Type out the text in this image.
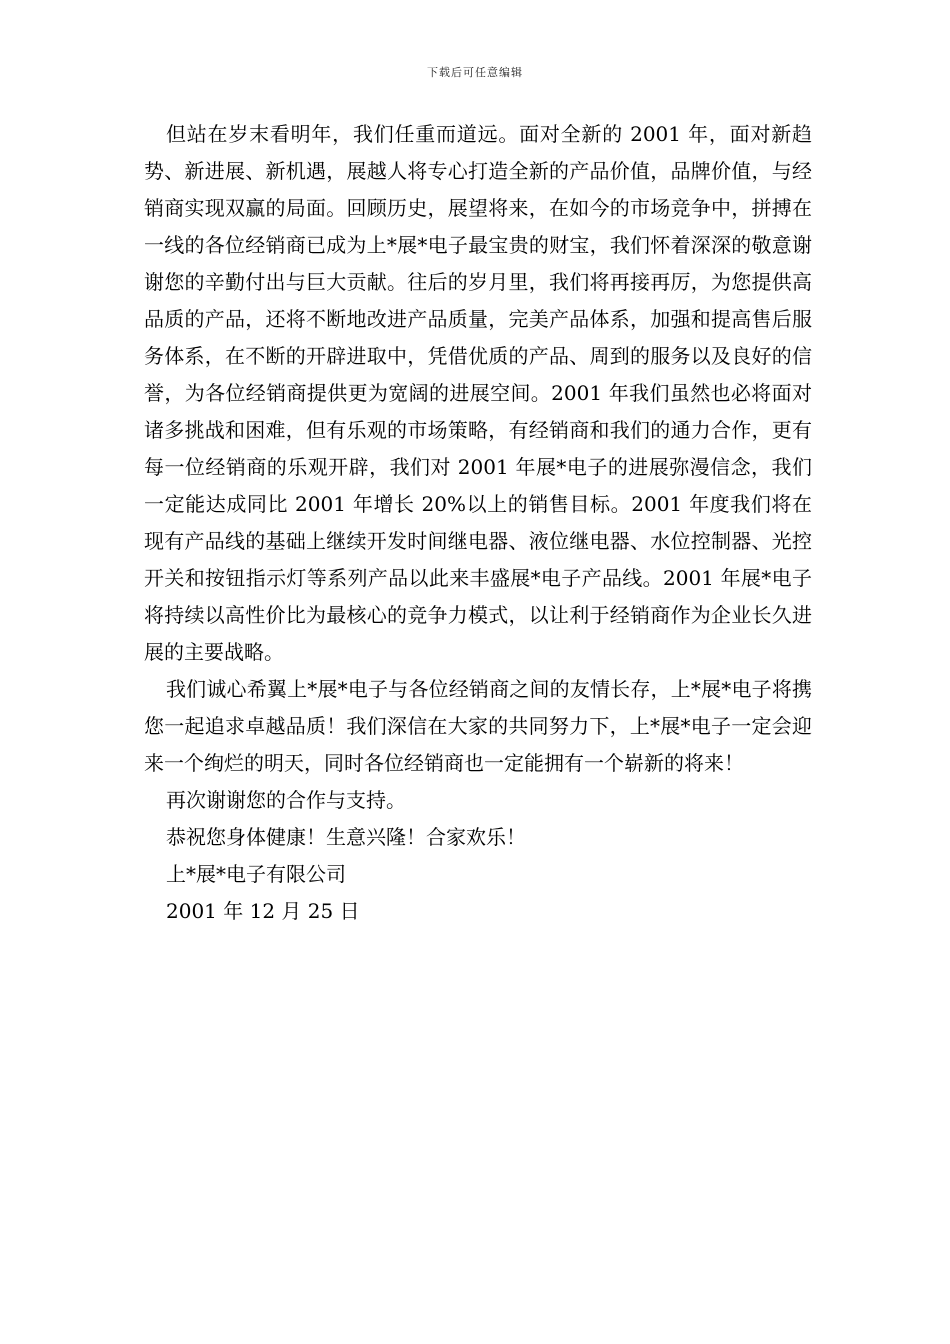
下载后可任意编辑

但站在岁末看明年，我们任重而道远。面对全新的 2001 年，面对新趋势、新进展、新机遇，展越人将专心打造全新的产品价值，品牌价值，与经销商实现双赢的局面。回顾历史，展望将来，在如今的市场竞争中，拼搏在一线的各位经销商已成为上*展*电子最宝贵的财宝，我们怀着深深的敬意谢谢您的辛勤付出与巨大贡献。往后的岁月里，我们将再接再厉，为您提供高品质的产品，还将不断地改进产品质量，完美产品体系，加强和提高售后服务体系，在不断的开辟进取中，凭借优质的产品、周到的服务以及良好的信誉，为各位经销商提供更为宽阔的进展空间。2001 年我们虽然也必将面对诸多挑战和困难，但有乐观的市场策略，有经销商和我们的通力合作，更有每一位经销商的乐观开辟，我们对 2001 年展*电子的进展弥漫信念，我们一定能达成同比 2001 年增长 20%以上的销售目标。2001 年度我们将在现有产品线的基础上继续开发时间继电器、液位继电器、水位控制器、光控开关和按钮指示灯等系列产品以此来丰盛展*电子产品线。2001 年展*电子将持续以高性价比为最核心的竞争力模式，以让利于经销商作为企业长久进展的主要战略。

我们诚心希翼上*展*电子与各位经销商之间的友情长存，上*展*电子将携您一起追求卓越品质！我们深信在大家的共同努力下，上*展*电子一定会迎来一个绚烂的明天，同时各位经销商也一定能拥有一个崭新的将来！

再次谢谢您的合作与支持。

恭祝您身体健康！生意兴隆！合家欢乐！

上*展*电子有限公司

2001 年 12 月 25 日
